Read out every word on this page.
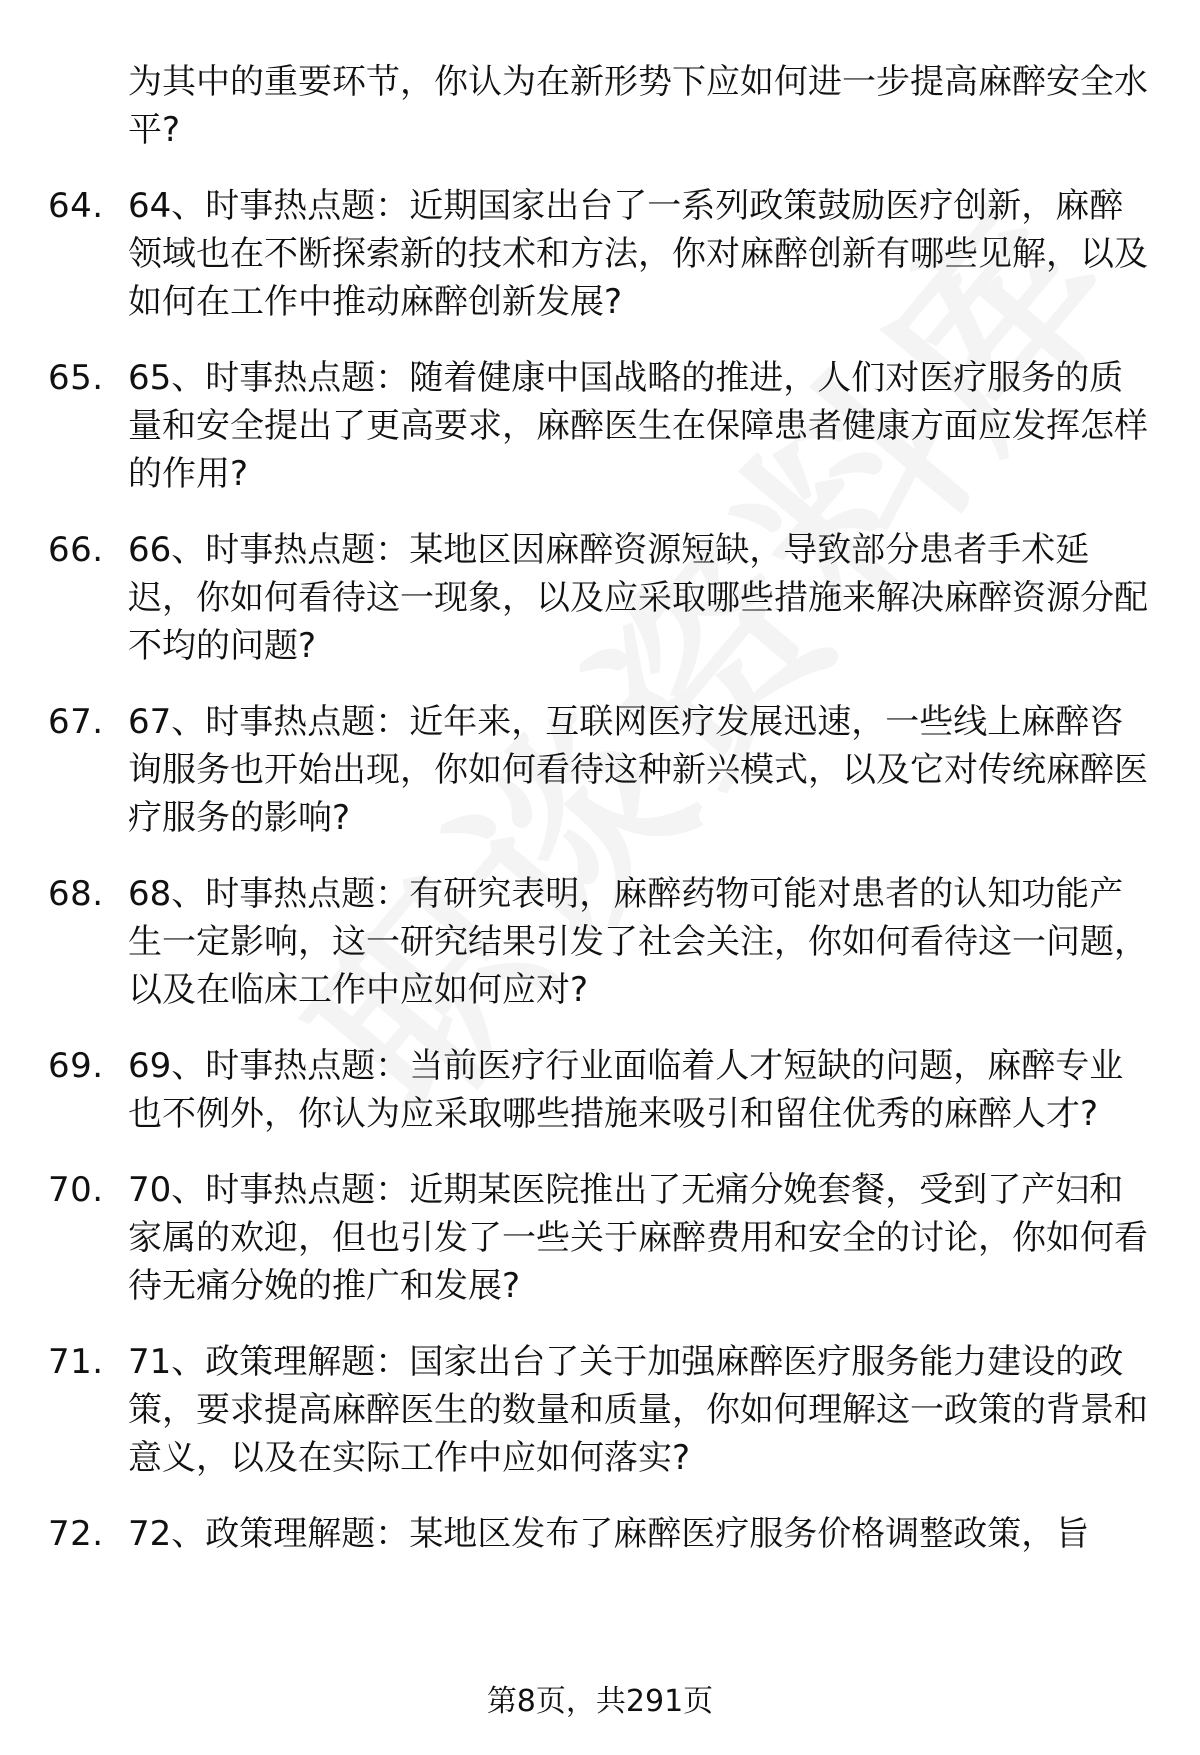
为其中的重要环节，你认为在新形势下应如何进一步提高麻醉安全水平?
64. 64、时事热点题：近期国家出台了一系列政策鼓励医疗创新，麻醉领域也在不断探索新的技术和方法，你对麻醉创新有哪些见解，以及如何在工作中推动麻醉创新发展?
65. 65、时事热点题：随着健康中国战略的推进，人们对医疗服务的质量和安全提出了更高要求，麻醉医生在保障患者健康方面应发挥怎样的作用?
66. 66、时事热点题：某地区因麻醉资源短缺，导致部分患者手术延迟，你如何看待这一现象，以及应采取哪些措施来解决麻醉资源分配不均的问题?
67. 67、时事热点题：近年来，互联网医疗发展迅速，一些线上麻醉咨询服务也开始出现，你如何看待这种新兴模式，以及它对传统麻醉医疗服务的影响?
68. 68、时事热点题：有研究表明，麻醉药物可能对患者的认知功能产生一定影响，这一研究结果引发了社会关注，你如何看待这一问题，以及在临床工作中应如何应对?
69. 69、时事热点题：当前医疗行业面临着人才短缺的问题，麻醉专业也不例外，你认为应采取哪些措施来吸引和留住优秀的麻醉人才?
70. 70、时事热点题：近期某医院推出了无痛分娩套餐，受到了产妇和家属的欢迎，但也引发了一些关于麻醉费用和安全的讨论，你如何看待无痛分娩的推广和发展?
71. 71、政策理解题：国家出台了关于加强麻醉医疗服务能力建设的政策，要求提高麻醉医生的数量和质量，你如何理解这一政策的背景和意义，以及在实际工作中应如何落实?
72. 72、政策理解题：某地区发布了麻醉医疗服务价格调整政策，旨
第8页，共291页
